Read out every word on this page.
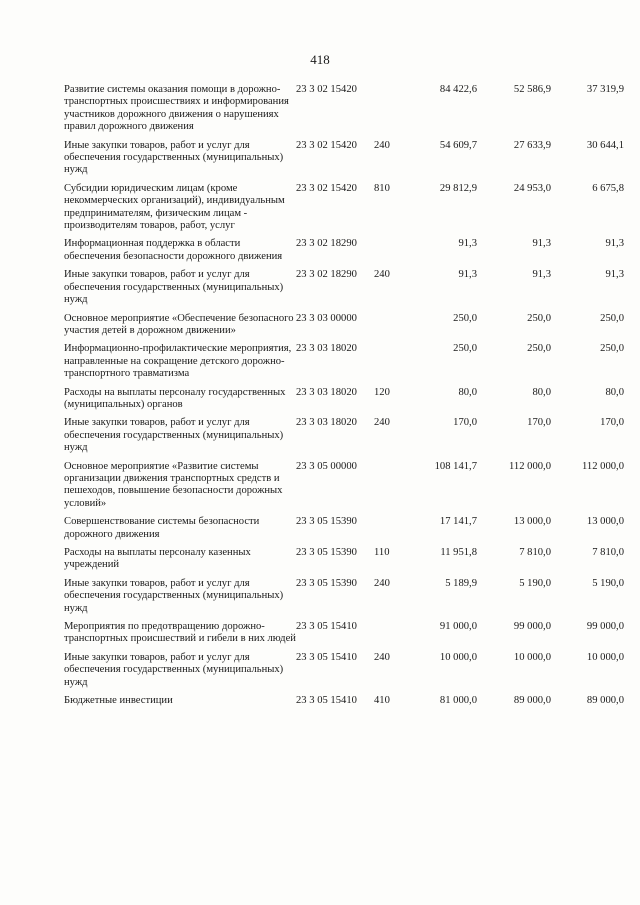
418
Развитие системы оказания помощи в дорожно-транспортных происшествиях и информирования участников дорожного движения о нарушениях правил дорожного движения	23 3 02 15420		84 422,6	52 586,9	37 319,9
Иные закупки товаров, работ и услуг для обеспечения государственных (муниципальных) нужд	23 3 02 15420	240	54 609,7	27 633,9	30 644,1
Субсидии юридическим лицам (кроме некоммерческих организаций), индивидуальным предпринимателям, физическим лицам - производителям товаров, работ, услуг	23 3 02 15420	810	29 812,9	24 953,0	6 675,8
Информационная поддержка в области обеспечения безопасности дорожного движения	23 3 02 18290		91,3	91,3	91,3
Иные закупки товаров, работ и услуг для обеспечения государственных (муниципальных) нужд	23 3 02 18290	240	91,3	91,3	91,3
Основное мероприятие «Обеспечение безопасного участия детей в дорожном движении»	23 3 03 00000		250,0	250,0	250,0
Информационно-профилактические мероприятия, направленные на сокращение детского дорожно-транспортного травматизма	23 3 03 18020		250,0	250,0	250,0
Расходы на выплаты персоналу государственных (муниципальных) органов	23 3 03 18020	120	80,0	80,0	80,0
Иные закупки товаров, работ и услуг для обеспечения государственных (муниципальных) нужд	23 3 03 18020	240	170,0	170,0	170,0
Основное мероприятие «Развитие системы организации движения транспортных средств и пешеходов, повышение безопасности дорожных условий»	23 3 05 00000		108 141,7	112 000,0	112 000,0
Совершенствование системы безопасности дорожного движения	23 3 05 15390		17 141,7	13 000,0	13 000,0
Расходы на выплаты персоналу казенных учреждений	23 3 05 15390	110	11 951,8	7 810,0	7 810,0
Иные закупки товаров, работ и услуг для обеспечения государственных (муниципальных) нужд	23 3 05 15390	240	5 189,9	5 190,0	5 190,0
Мероприятия по предотвращению дорожно-транспортных происшествий и гибели в них людей	23 3 05 15410		91 000,0	99 000,0	99 000,0
Иные закупки товаров, работ и услуг для обеспечения государственных (муниципальных) нужд	23 3 05 15410	240	10 000,0	10 000,0	10 000,0
Бюджетные инвестиции	23 3 05 15410	410	81 000,0	89 000,0	89 000,0
